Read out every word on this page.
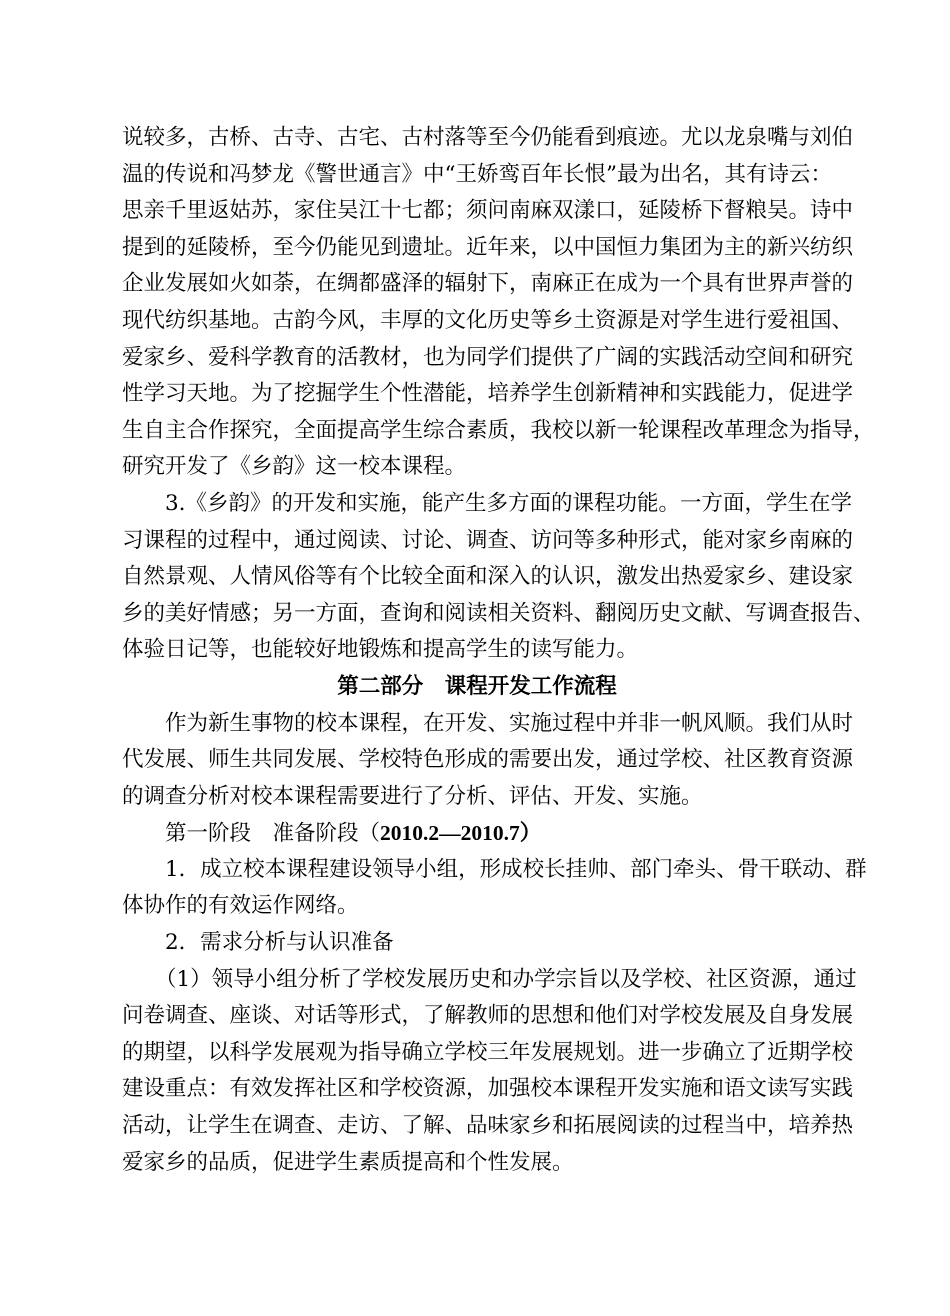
说较多，古桥、古寺、古宅、古村落等至今仍能看到痕迹。尤以龙泉嘴与刘伯
温的传说和冯梦龙《警世通言》中“王娇鸾百年长恨”最为出名，其有诗云：
思亲千里返姑苏，家住吴江十七都；须问南麻双漾口，延陵桥下督粮吴。诗中
提到的延陵桥，至今仍能见到遗址。近年来，以中国恒力集团为主的新兴纺织
企业发展如火如荼，在绸都盛泽的辐射下，南麻正在成为一个具有世界声誉的
现代纺织基地。古韵今风，丰厚的文化历史等乡土资源是对学生进行爱祖国、
爱家乡、爱科学教育的活教材，也为同学们提供了广阔的实践活动空间和研究
性学习天地。为了挖掘学生个性潜能，培养学生创新精神和实践能力，促进学
生自主合作探究，全面提高学生综合素质，我校以新一轮课程改革理念为指导，
研究开发了《乡韵》这一校本课程。
3.《乡韵》的开发和实施，能产生多方面的课程功能。一方面，学生在学
习课程的过程中，通过阅读、讨论、调查、访问等多种形式，能对家乡南麻的
自然景观、人情风俗等有个比较全面和深入的认识，激发出热爱家乡、建设家
乡的美好情感；另一方面，查询和阅读相关资料、翻阅历史文献、写调查报告、
体验日记等，也能较好地锻炼和提高学生的读写能力。
第二部分　课程开发工作流程
作为新生事物的校本课程，在开发、实施过程中并非一帆风顺。我们从时
代发展、师生共同发展、学校特色形成的需要出发，通过学校、社区教育资源
的调查分析对校本课程需要进行了分析、评估、开发、实施。
第一阶段　准备阶段（2010.2—2010.7）
1．成立校本课程建设领导小组，形成校长挂帅、部门牵头、骨干联动、群
体协作的有效运作网络。
2．需求分析与认识准备
（1）领导小组分析了学校发展历史和办学宗旨以及学校、社区资源，通过
问卷调查、座谈、对话等形式，了解教师的思想和他们对学校发展及自身发展
的期望，以科学发展观为指导确立学校三年发展规划。进一步确立了近期学校
建设重点：有效发挥社区和学校资源，加强校本课程开发实施和语文读写实践
活动，让学生在调查、走访、了解、品味家乡和拓展阅读的过程当中，培养热
爱家乡的品质，促进学生素质提高和个性发展。
